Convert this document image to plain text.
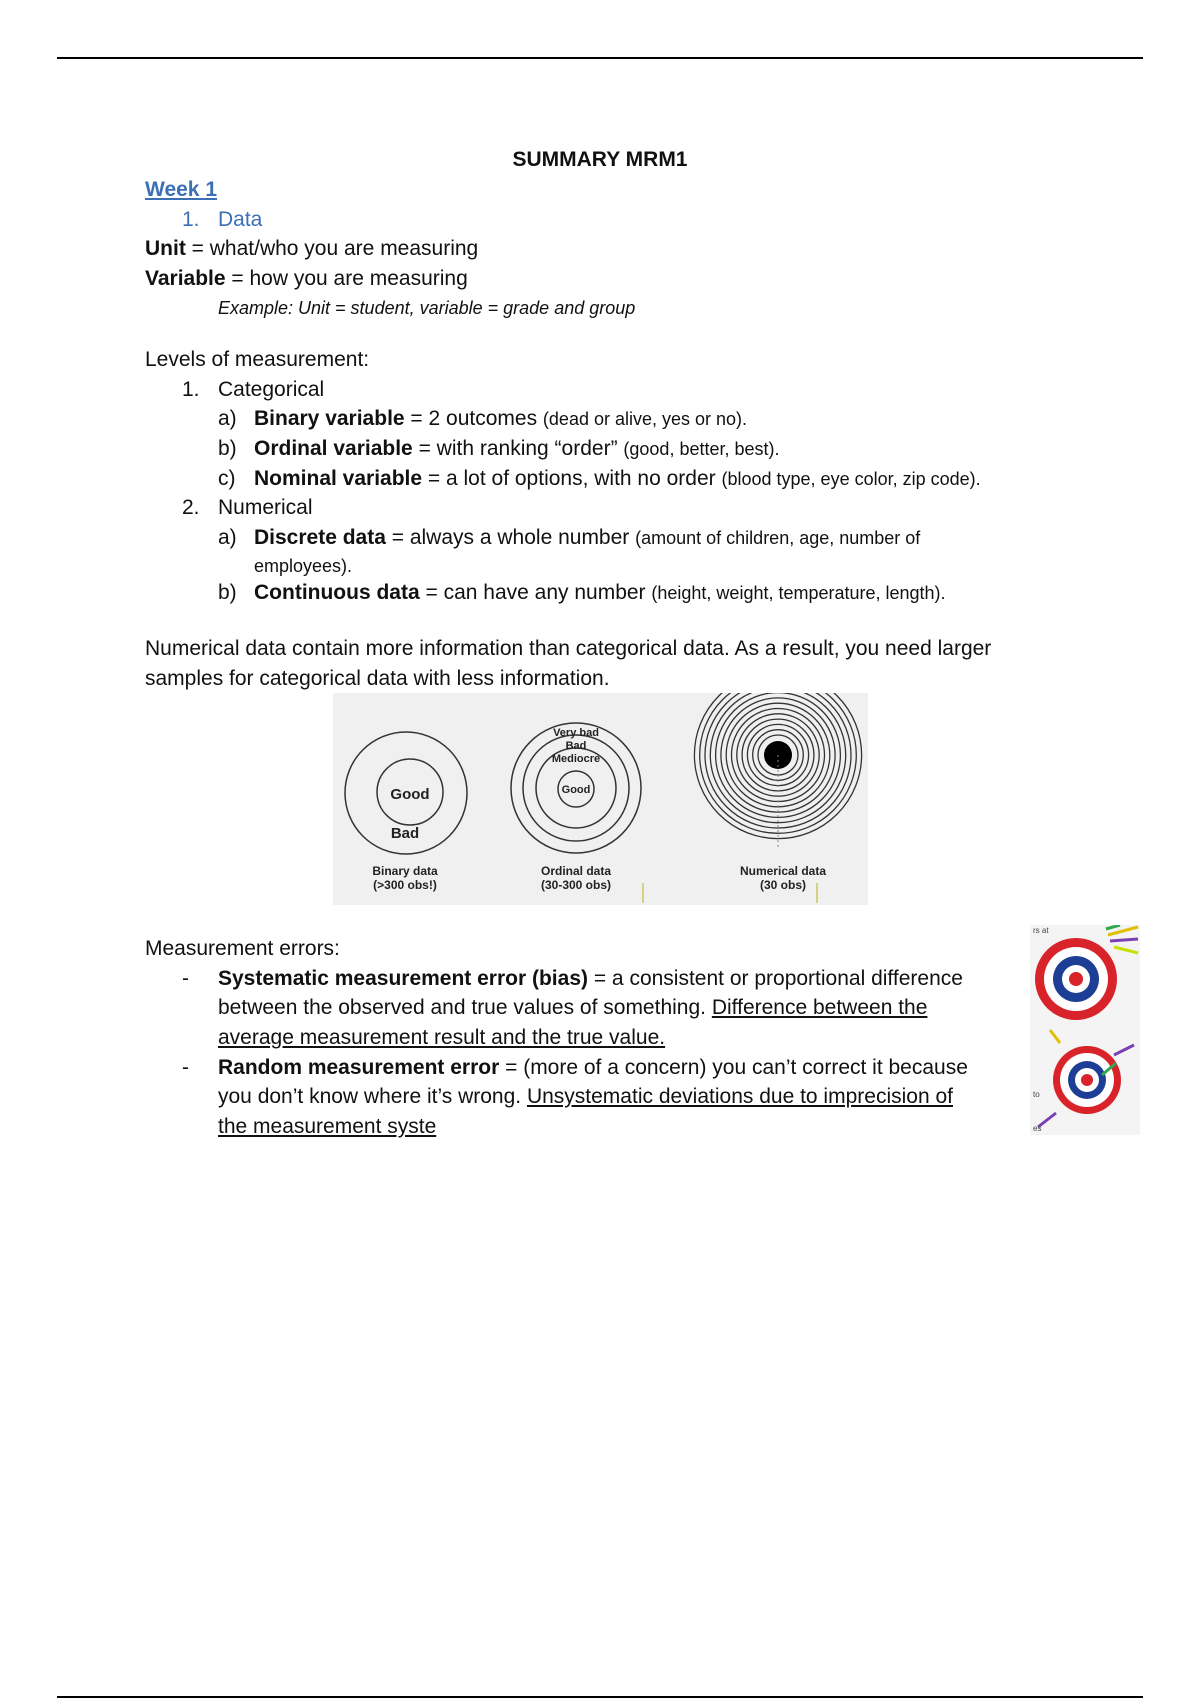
SUMMARY MRM1
Week 1
1. Data
Unit = what/who you are measuring
Variable = how you are measuring
Example: Unit = student, variable = grade and group
Levels of measurement:
1. Categorical
a) Binary variable = 2 outcomes (dead or alive, yes or no).
b) Ordinal variable = with ranking “order” (good, better, best).
c) Nominal variable = a lot of options, with no order (blood type, eye color, zip code).
2. Numerical
a) Discrete data = always a whole number (amount of children, age, number of
employees).
b) Continuous data = can have any number (height, weight, temperature, length).
Numerical data contain more information than categorical data. As a result, you need larger
samples for categorical data with less information.
Good
Bad
Binary data
(>300 obs!)
Very bad
Bad
Mediocre
Good
Ordinal data
(30-300 obs)
Numerical data
(30 obs)
Measurement errors:
- Systematic measurement error (bias) = a consistent or proportional difference
between the observed and true values of something. Difference between the
average measurement result and the true value.
- Random measurement error = (more of a concern) you can’t correct it because
you don’t know where it’s wrong. Unsystematic deviations due to imprecision of
the measurement syste
rs at
to
es
